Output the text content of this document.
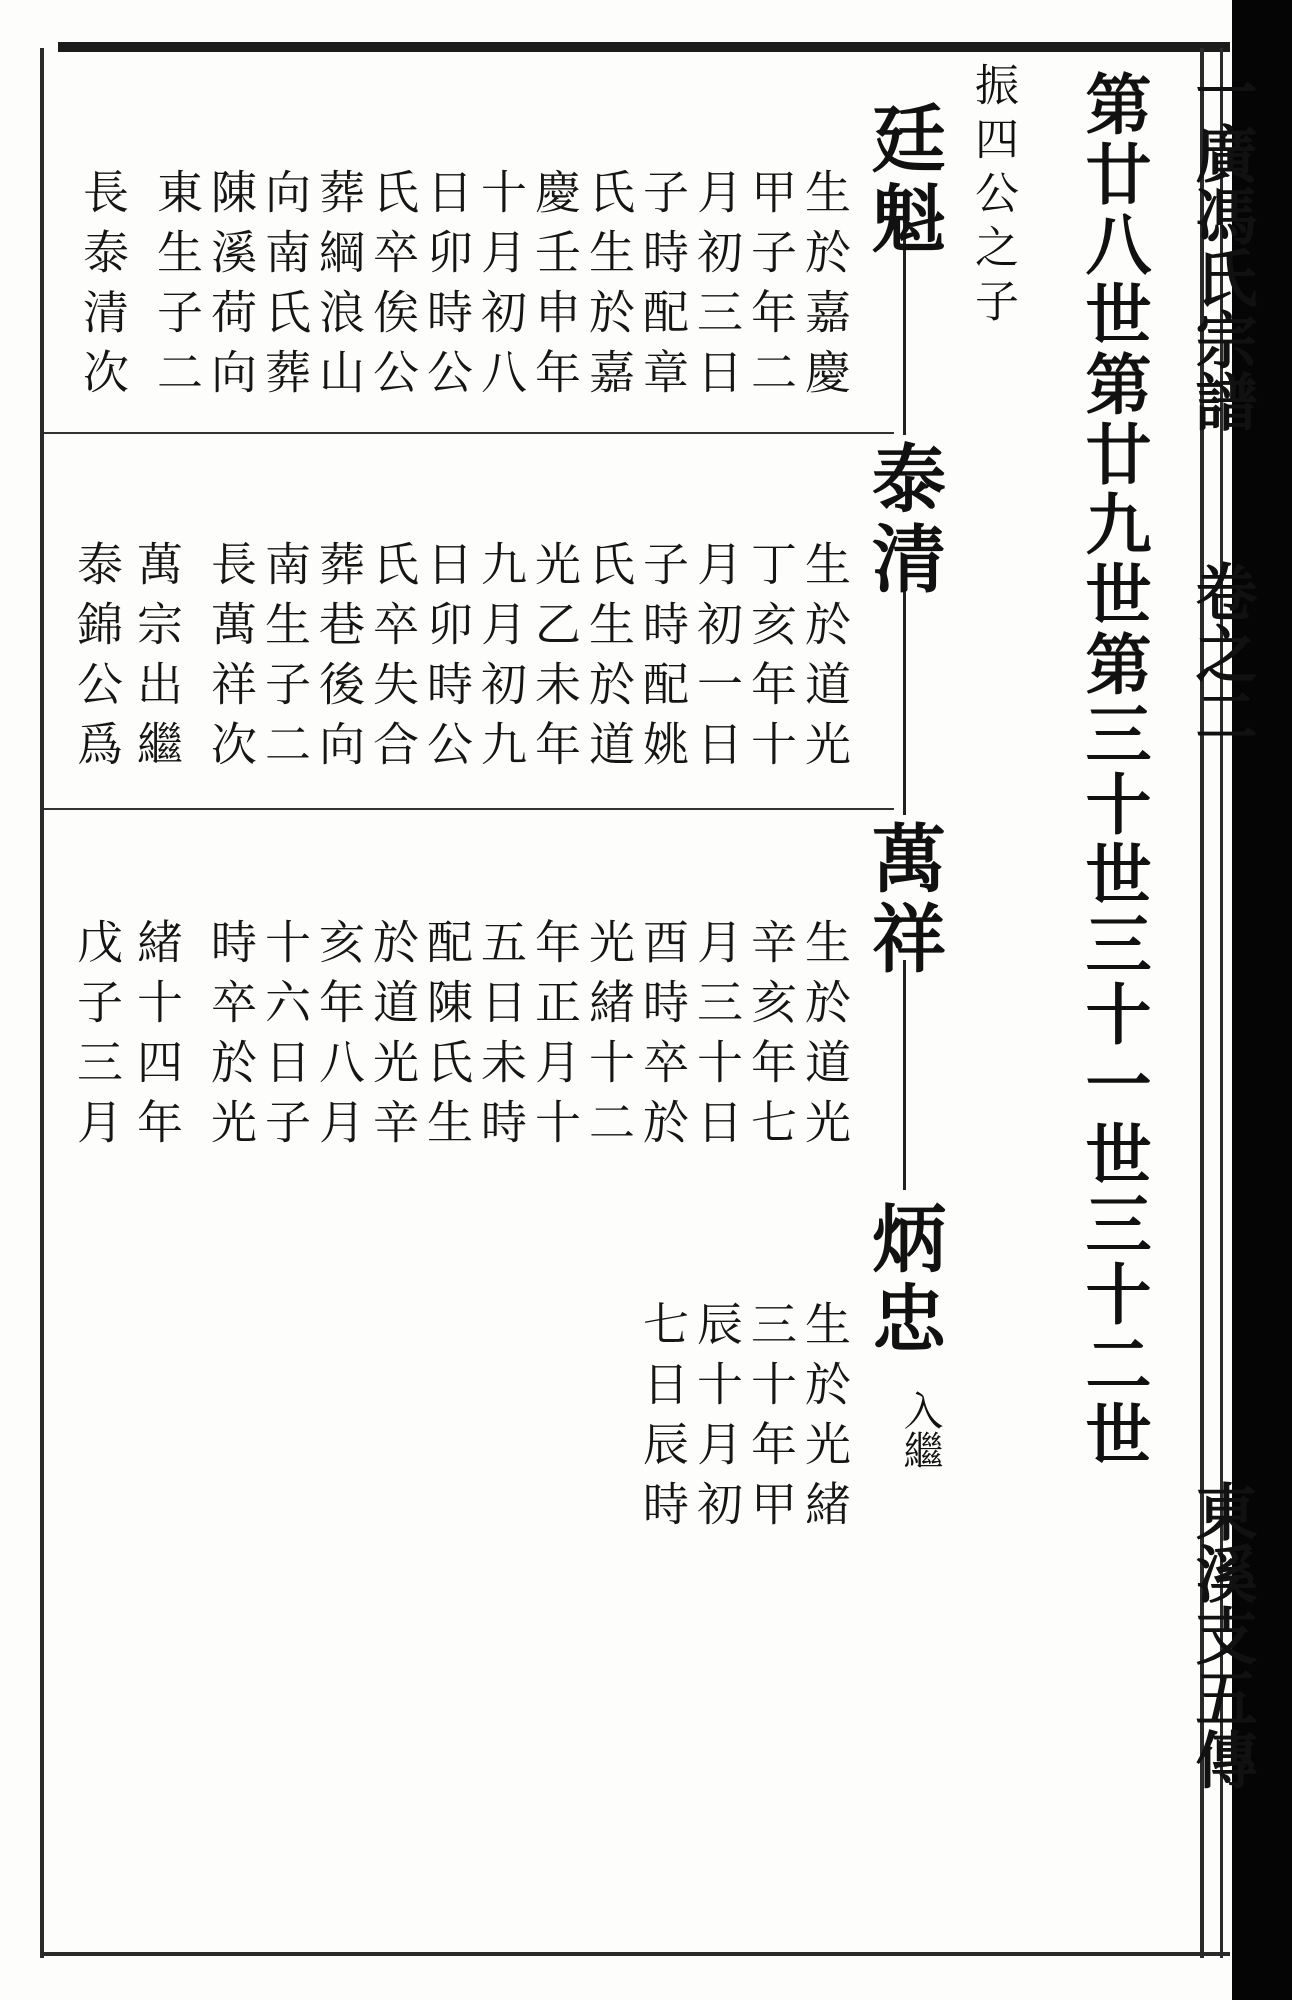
一廣馮氏宗譜
卷之二
東溪支五傳
第廿八世第廿九世第三十世三十一世三十二世
振四公之子
廷魁
生於嘉慶
甲子年二
月初三日
子時配章
氏生於嘉
慶壬申年
十月初八
日卯時公
氏卒俟公
葬綱浪山
向南氏葬
陳溪荷向
東生子二
長泰清次
泰清
生於道光
丁亥年十
月初一日
子時配姚
氏生於道
光乙未年
九月初九
日卯時公
氏卒失合
葬巷後向
南生子二
長萬祥次
萬宗出繼
泰錦公爲
萬祥
生於道光
辛亥年七
月三十日
酉時卒於
光緒十二
年正月十
五日未時
配陳氏生
於道光辛
亥年八月
十六日子
時卒於光
緒十四年
戊子三月
炳忠
入繼
生於光緒
三十年甲
辰十月初
七日辰時
